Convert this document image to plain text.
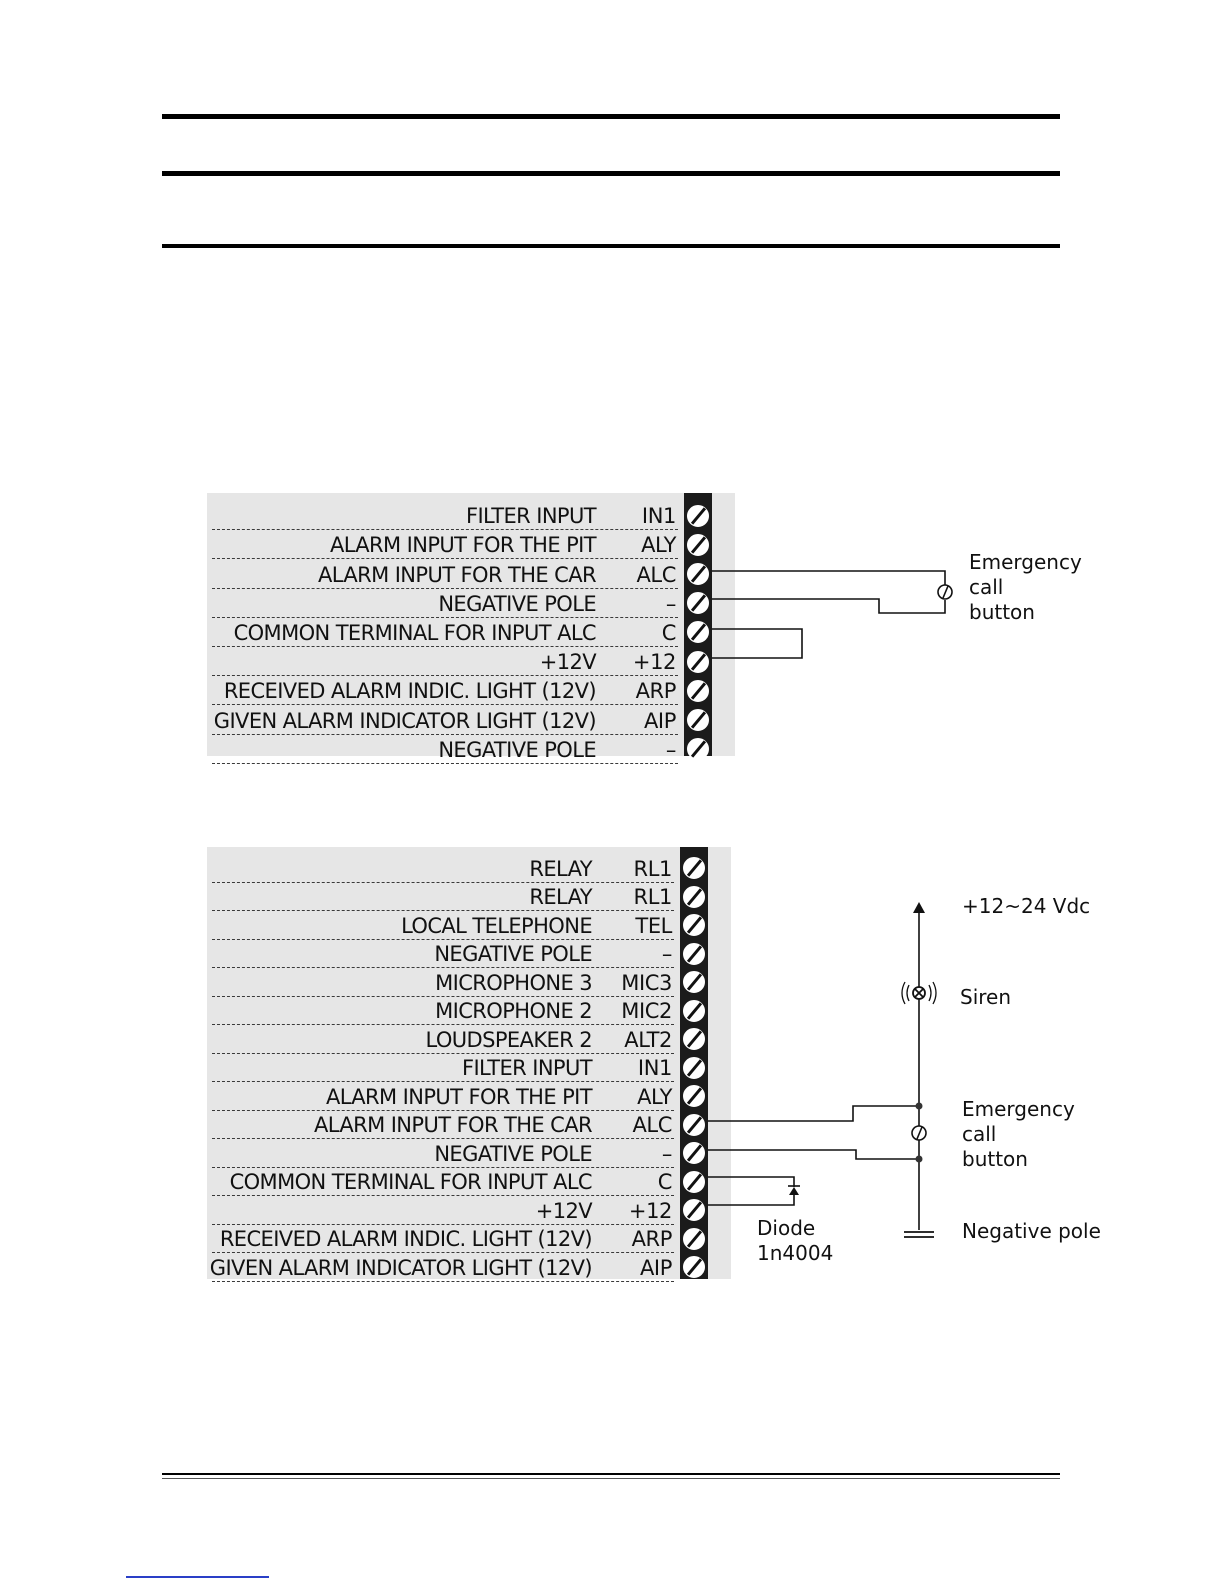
FILTER INPUT IN1
ALARM INPUT FOR THE PIT ALY
ALARM INPUT FOR THE CAR ALC
NEGATIVE POLE	–
COMMON TERMINAL FOR INPUT ALC	C
+12V +12
RECEIVED ALARM INDIC. LIGHT (12V) ARP
GIVEN ALARM INDICATOR LIGHT (12V) AIP
NEGATIVE POLE	–
Emergency
call
button
RELAY RL1
RELAY RL1
LOCAL TELEPHONE TEL
NEGATIVE POLE	–
MICROPHONE 3 MIC3
MICROPHONE 2 MIC2
LOUDSPEAKER 2 ALT2
FILTER INPUT IN1
ALARM INPUT FOR THE PIT ALY
ALARM INPUT FOR THE CAR ALC
NEGATIVE POLE	–
COMMON TERMINAL FOR INPUT ALC	C
+12V +12
RECEIVED ALARM INDIC. LIGHT (12V) ARP
GIVEN ALARM INDICATOR LIGHT (12V) AIP
+12~24 Vdc
Siren
Emergency
call
button
Negative pole
Diode
1n4004
